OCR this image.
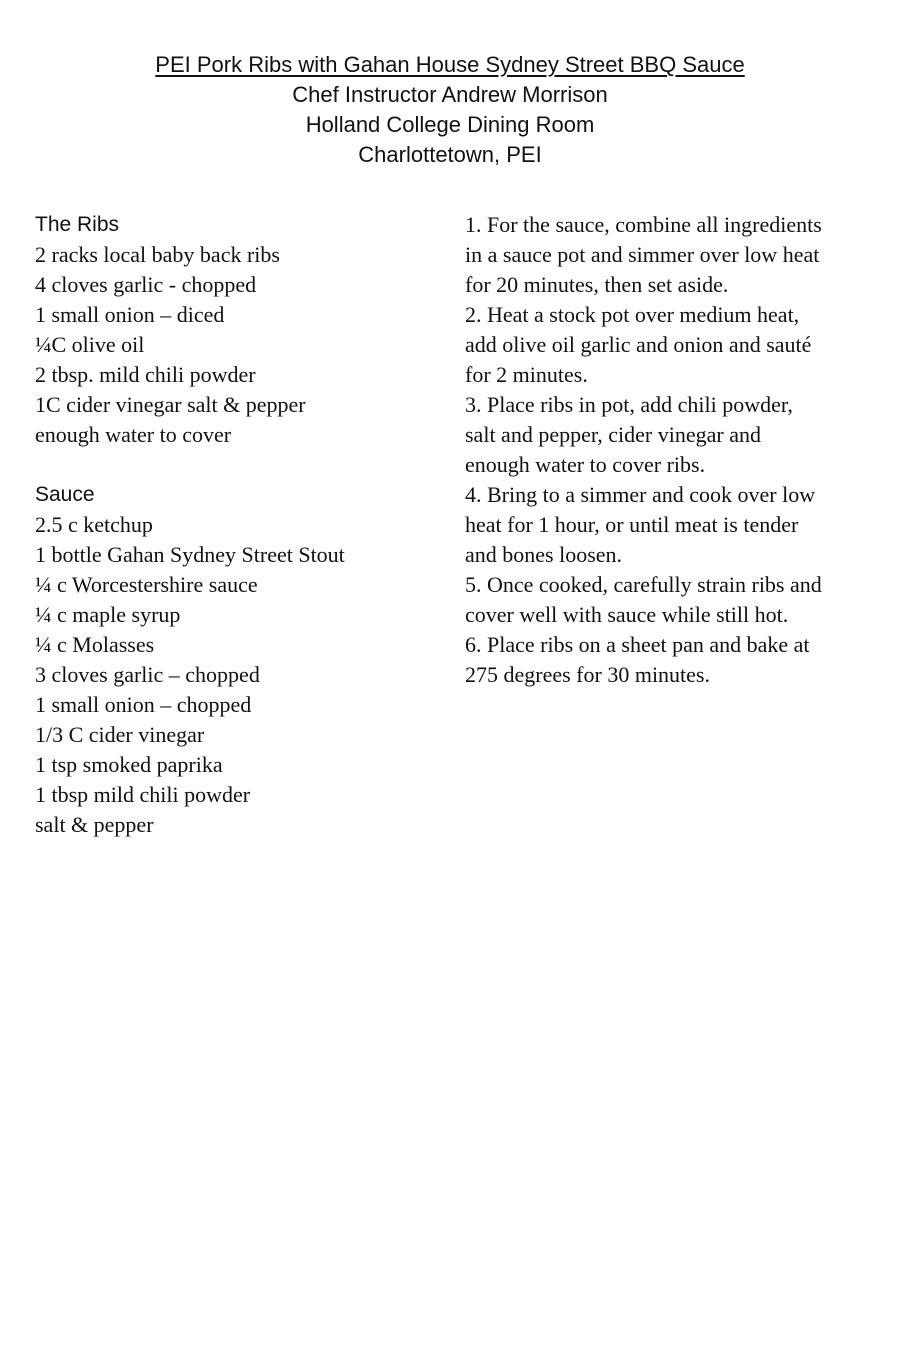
PEI Pork Ribs with Gahan House Sydney Street BBQ Sauce
Chef Instructor Andrew Morrison
Holland College Dining Room
Charlottetown, PEI
The Ribs
2 racks local baby back ribs
4 cloves garlic - chopped
1 small onion – diced
¼C olive oil
2 tbsp. mild chili powder
1C cider vinegar salt & pepper
enough water to cover
Sauce
2.5 c ketchup
1 bottle Gahan Sydney Street Stout
¼ c Worcestershire sauce
¼ c maple syrup
¼ c Molasses
3 cloves garlic – chopped
1 small onion – chopped
1/3 C cider vinegar
1 tsp smoked paprika
1 tbsp mild chili powder
salt & pepper
1. For the sauce, combine all ingredients
in a sauce pot and simmer over low heat
for 20 minutes, then set aside.
2. Heat a stock pot over medium heat,
add olive oil garlic and onion and sauté
for 2 minutes.
3. Place ribs in pot, add chili powder,
salt and pepper, cider vinegar and
enough water to cover ribs.
4. Bring to a simmer and cook over low
heat for 1 hour, or until meat is tender
and bones loosen.
5. Once cooked, carefully strain ribs and
cover well with sauce while still hot.
6. Place ribs on a sheet pan and bake at
275 degrees for 30 minutes.
